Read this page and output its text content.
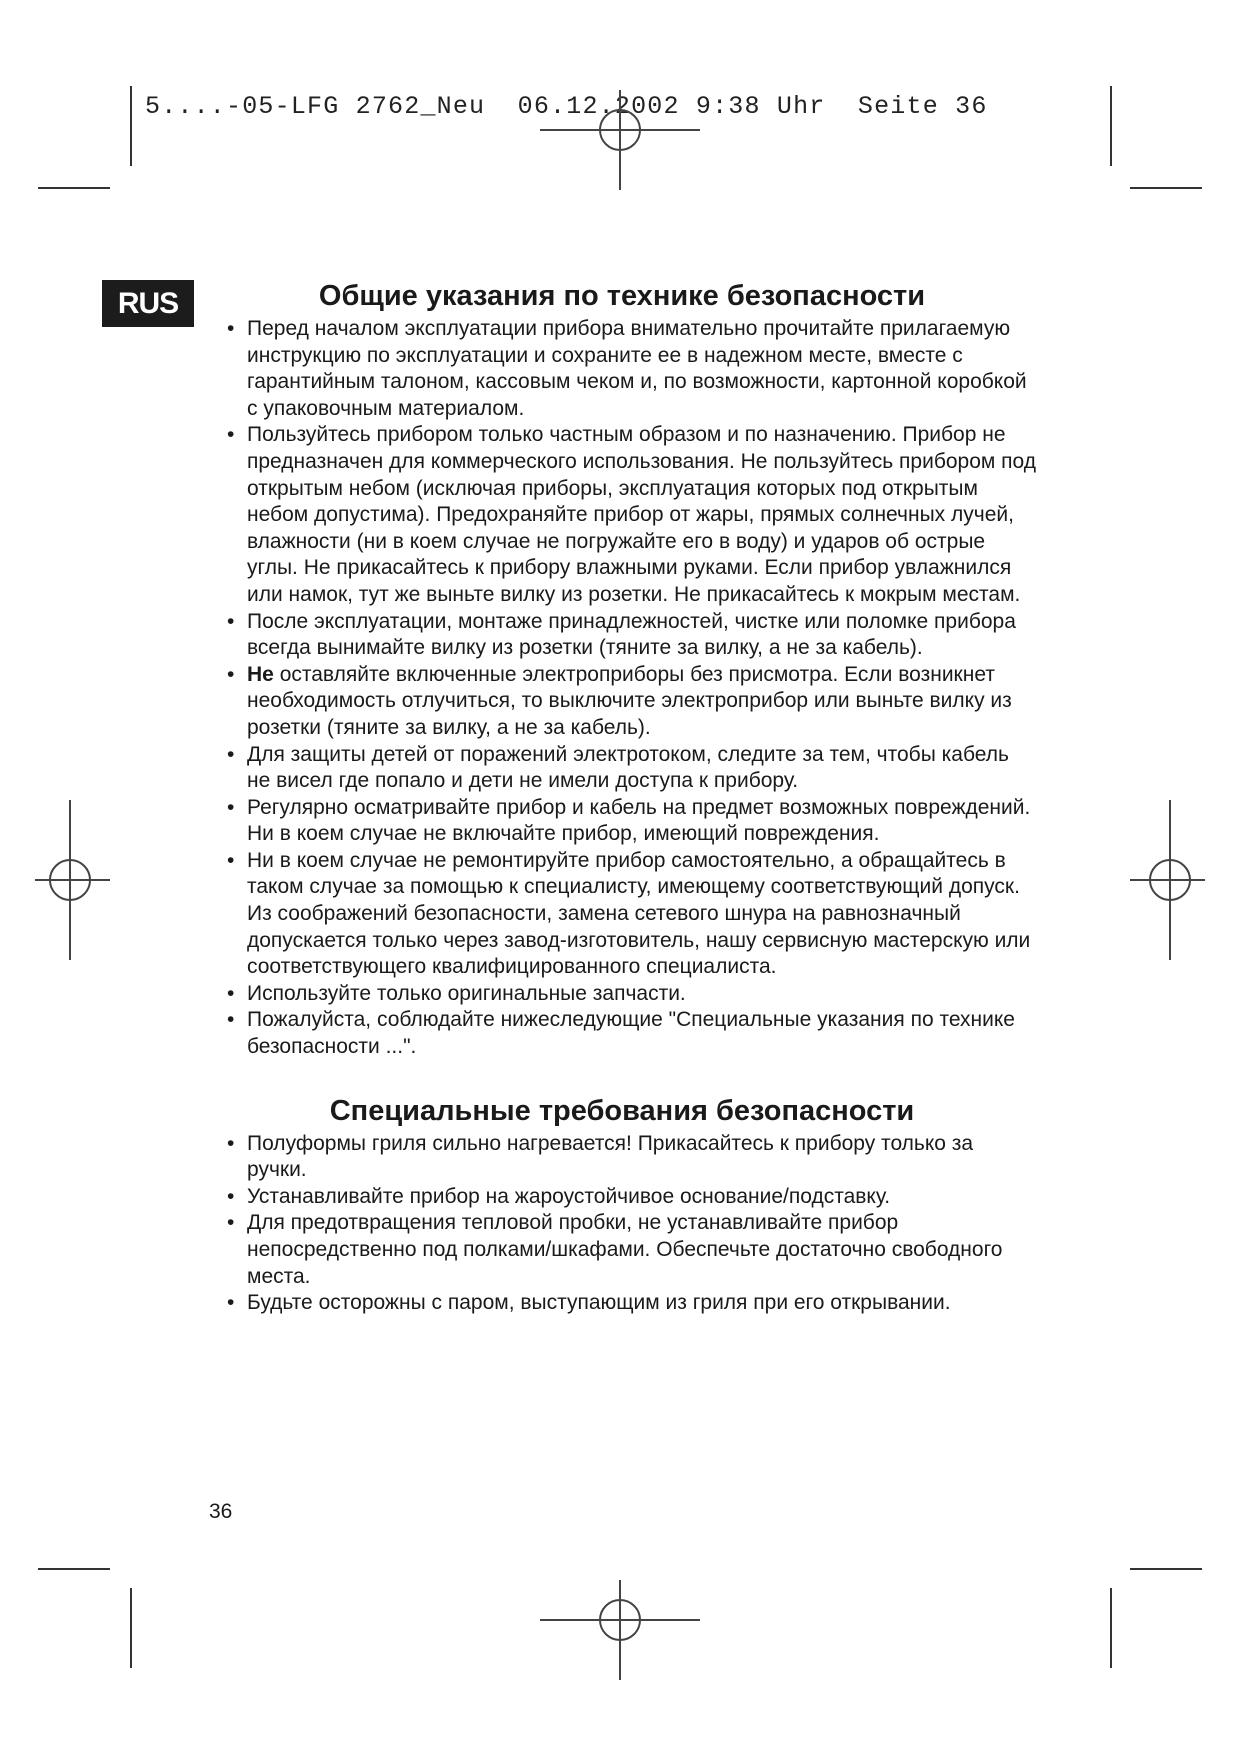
5....-05-LFG 2762_Neu  06.12.2002 9:38 Uhr  Seite 36
RUS	Общие указания по технике безопасности
• Перед началом эксплуатации прибора внимательно прочитайте прилагаемую инструкцию по эксплуатации и сохраните ее в надежном месте, вместе с гарантийным талоном, кассовым чеком и, по возможности, картонной коробкой с упаковочным материалом.
• Пользуйтесь прибором только частным образом и по назначению. Прибор не предназначен для коммерческого использования. Не пользуйтесь прибором под открытым небом (исключая приборы, эксплуатация которых под открытым небом допустима). Предохраняйте прибор от жары, прямых солнечных лучей, влажности (ни в коем случае не погружайте его в воду) и ударов об острые углы. Не прикасайтесь к прибору влажными руками. Если прибор увлажнился или намок, тут же выньте вилку из розетки. Не прикасайтесь к мокрым местам.
• После эксплуатации, монтаже принадлежностей, чистке или поломке прибора всегда вынимайте вилку из розетки (тяните за вилку, а не за кабель).
• Не оставляйте включенные электроприборы без присмотра. Если возникнет необходимость отлучиться, то выключите электроприбор или выньте вилку из розетки (тяните за вилку, а не за кабель).
• Для защиты детей от поражений электротоком, следите за тем, чтобы кабель не висел где попало и дети не имели доступа к прибору.
• Регулярно осматривайте прибор и кабель на предмет возможных повреждений. Ни в коем случае не включайте прибор, имеющий повреждения.
• Ни в коем случае не ремонтируйте прибор самостоятельно, а обращайтесь в таком случае за помощью к специалисту, имеющему соответствующий допуск. Из соображений безопасности, замена сетевого шнура на равнозначный допускается только через завод-изготовитель, нашу сервисную мастерскую или соответствующего квалифицированного специалиста.
• Используйте только оригинальные запчасти.
• Пожалуйста, соблюдайте нижеследующие "Специальные указания по технике безопасности ...".
Специальные требования безопасности
• Полуформы гриля сильно нагревается! Прикасайтесь к прибору только за ручки.
• Устанавливайте прибор на жароустойчивое основание/подставку.
• Для предотвращения тепловой пробки, не устанавливайте прибор непосредственно под полками/шкафами. Обеспечьте достаточно свободного места.
• Будьте осторожны с паром, выступающим из гриля при его открывании.
36
